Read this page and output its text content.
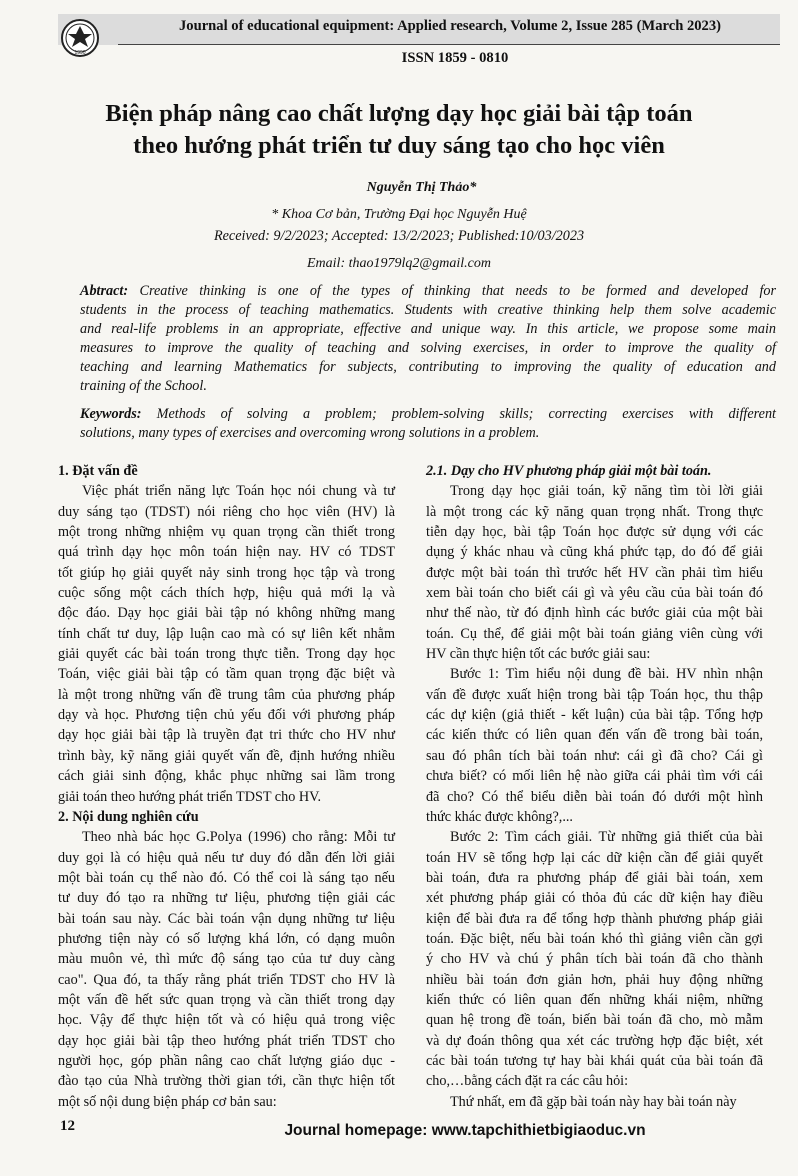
1990
Journal of educational equipment: Applied research, Volume 2, Issue 285 (March 2023)
ISSN 1859 - 0810
Biện pháp nâng cao chất lượng dạy học giải bài tập toán
theo hướng phát triển tư duy sáng tạo cho học viên
Nguyễn Thị Thảo*
* Khoa Cơ bản, Trường Đại học Nguyễn Huệ
Received: 9/2/2023; Accepted: 13/2/2023; Published:10/03/2023
Email: thao1979lq2@gmail.com
Abtract: Creative thinking is one of the types of thinking that needs to be formed and developed for
students in the process of teaching mathematics. Students with creative thinking help them solve academic
and real-life problems in an appropriate, effective and unique way. In this article, we propose some main
measures to improve the quality of teaching and solving exercises, in order to improve the quality of
teaching and learning Mathematics for subjects, contributing to improving the quality of education and
training of the School.
Keywords: Methods of solving a problem; problem-solving skills; correcting exercises with different
solutions, many types of exercises and overcoming wrong solutions in a problem.
1. Đặt vấn đề
Việc phát triển năng lực Toán học nói chung và tư
duy sáng tạo (TDST) nói riêng cho học viên (HV) là
một trong những nhiệm vụ quan trọng cần thiết trong
quá trình dạy học môn toán hiện nay. HV có TDST
tốt giúp họ giải quyết nảy sinh trong học tập và trong
cuộc sống một cách thích hợp, hiệu quả mới lạ và
độc đáo. Dạy học giải bài tập nó không những mang
tính chất tư duy, lập luận cao mà có sự liên kết nhằm
giải quyết các bài toán trong thực tiễn. Trong dạy học
Toán, việc giải bài tập có tầm quan trọng đặc biệt và
là một trong những vấn đề trung tâm của phương pháp
dạy và học. Phương tiện chủ yếu đối với phương pháp
dạy học giải bài tập là truyền đạt tri thức cho HV như
trình bày, kỹ năng giải quyết vấn đề, định hướng nhiều
cách giải sinh động, khắc phục những sai lầm trong
giải toán theo hướng phát triển TDST cho HV.
2. Nội dung nghiên cứu
Theo nhà bác học G.Polya (1996) cho rằng: Mỗi tư
duy gọi là có hiệu quả nếu tư duy đó dẫn đến lời giải
một bài toán cụ thể nào đó. Có thể coi là sáng tạo nếu
tư duy đó tạo ra những tư liệu, phương tiện giải các
bài toán sau này. Các bài toán vận dụng những tư liệu
phương tiện này có số lượng khá lớn, có dạng muôn
màu muôn vẻ, thì mức độ sáng tạo của tư duy càng
cao". Qua đó, ta thấy rằng phát triển TDST cho HV là
một vấn đề hết sức quan trọng và cần thiết trong dạy
học. Vậy để thực hiện tốt và có hiệu quả trong việc
dạy học giải bài tập theo hướng phát triển TDST cho
người học, góp phần nâng cao chất lượng giáo dục -
đào tạo của Nhà trường thời gian tới, cần thực hiện tốt
một số nội dung biện pháp cơ bản sau:
2.1. Dạy cho HV phương pháp giải một bài toán.
Trong dạy học giải toán, kỹ năng tìm tòi lời giải
là một trong các kỹ năng quan trọng nhất. Trong thực
tiễn dạy học, bài tập Toán học được sử dụng với các
dụng ý khác nhau và cũng khá phức tạp, do đó để giải
được một bài toán thì trước hết HV cần phải tìm hiểu
xem bài toán cho biết cái gì và yêu cầu của bài toán đó
như thế nào, từ đó định hình các bước giải của một bài
toán. Cụ thể, để giải một bài toán giảng viên cùng với
HV cần thực hiện tốt các bước giải sau:
Bước 1: Tìm hiểu nội dung đề bài. HV nhìn nhận
vấn đề được xuất hiện trong bài tập Toán học, thu thập
các dự kiện (giả thiết - kết luận) của bài tập. Tổng hợp
các kiến thức có liên quan đến vấn đề trong bài toán,
sau đó phân tích bài toán như: cái gì đã cho? Cái gì
chưa biết? có mối liên hệ nào giữa cái phải tìm với cái
đã cho? Có thể biểu diễn bài toán đó dưới một hình
thức khác được không?,...
Bước 2: Tìm cách giải. Từ những giả thiết của bài
toán HV sẽ tổng hợp lại các dữ kiện cần để giải quyết
bài toán, đưa ra phương pháp để giải bài toán, xem
xét phương pháp giải có thỏa đủ các dữ kiện hay điều
kiện để bài đưa ra để tổng hợp thành phương pháp giải
toán. Đặc biệt, nếu bài toán khó thì giảng viên cần gợi
ý cho HV và chú ý phân tích bài toán đã cho thành
nhiều bài toán đơn giản hơn, phải huy động những
kiến thức có liên quan đến những khái niệm, những
quan hệ trong đề toán, biến bài toán đã cho, mò mẫm
và dự đoán thông qua xét các trường hợp đặc biệt, xét
các bài toán tương tự hay bài khái quát của bài toán đã
cho,…bằng cách đặt ra các câu hỏi:
Thứ nhất, em đã gặp bài toán này hay bài toán này
12	Journal homepage: www.tapchithietbigiaoduc.vn
